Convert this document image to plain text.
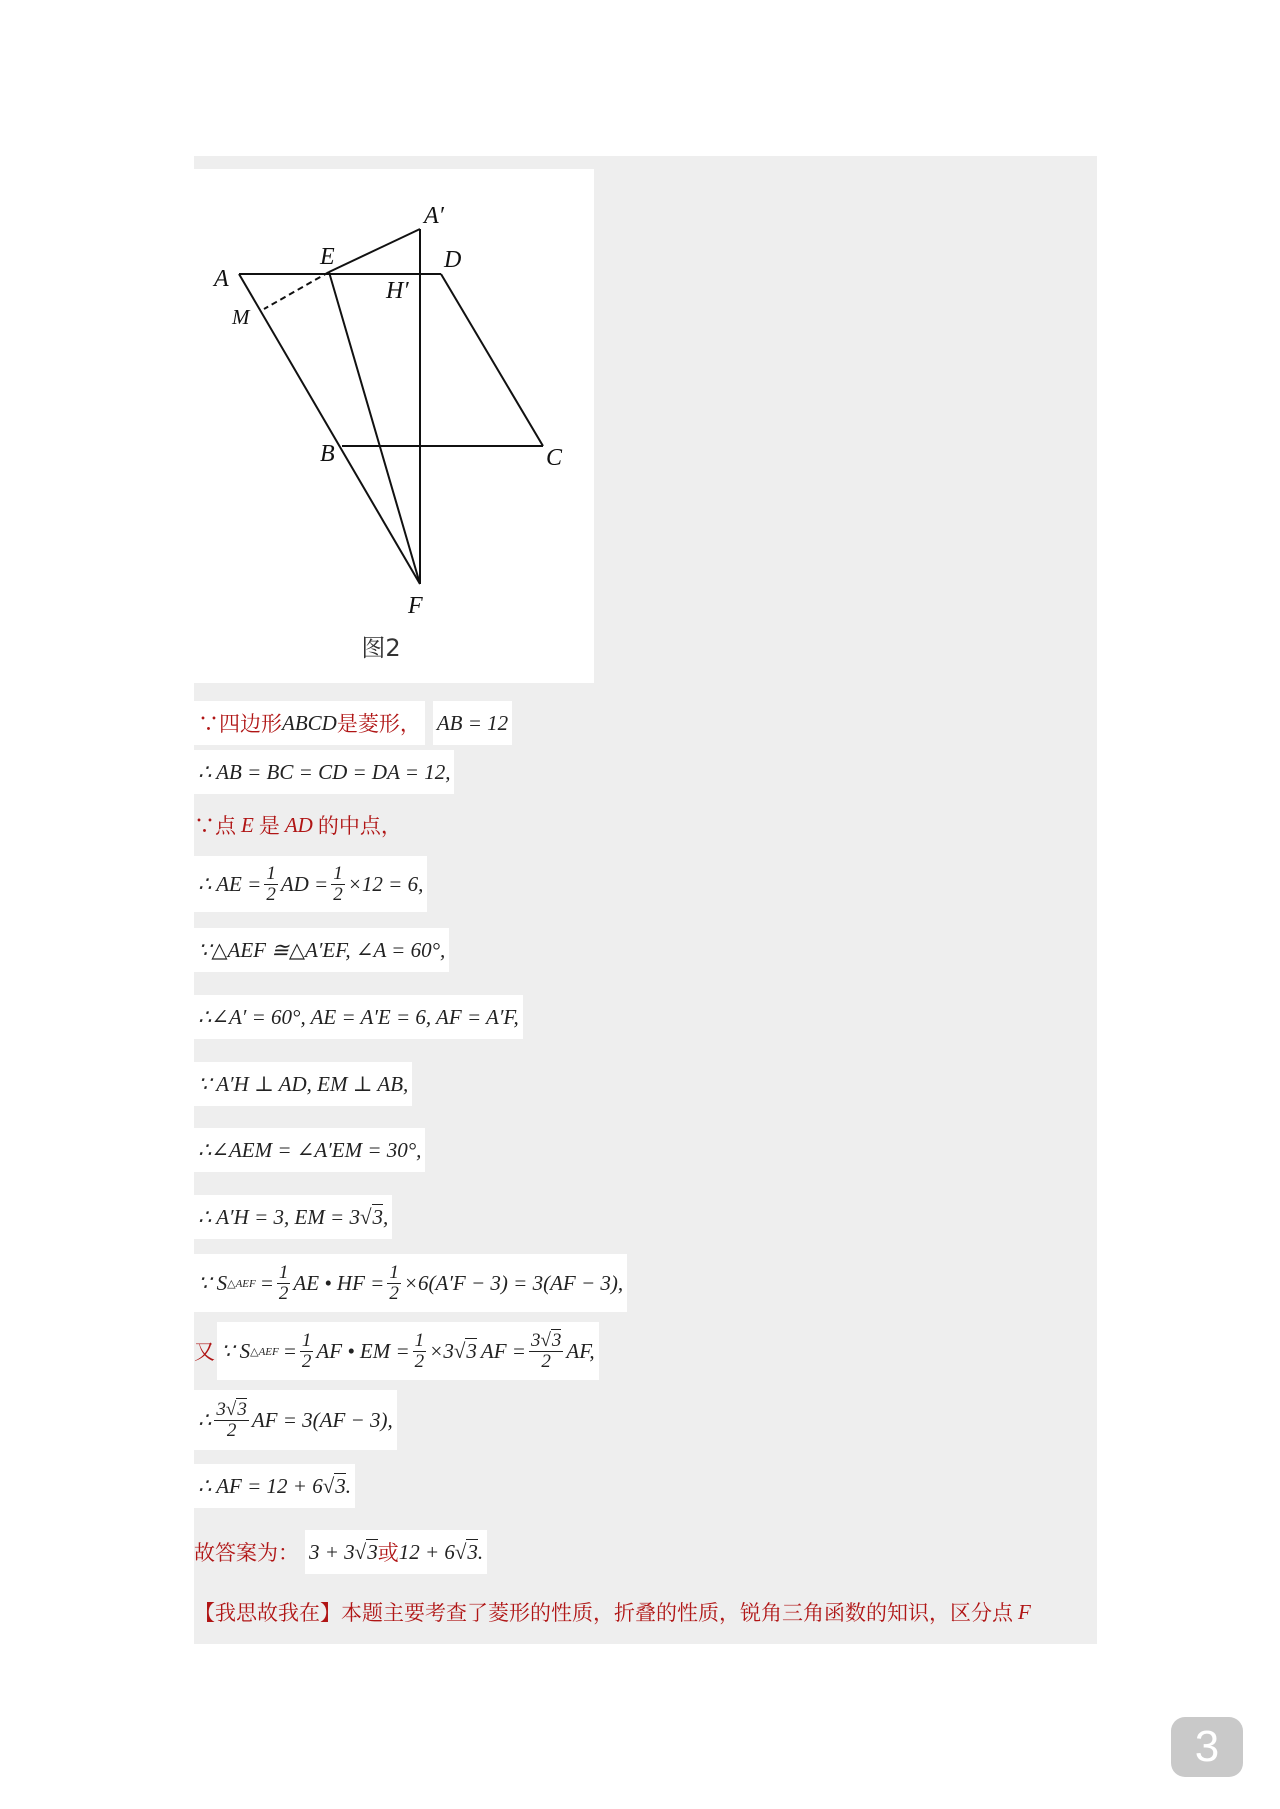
A
A′
E	D
H′
M
B	C
F
图2
∵四边形 ABCD 是菱形， AB = 12
∴ AB = BC = CD = DA = 12,
∵点 E 是 AD 的中点，
∴ AE = $\frac{1}{2}$ AD = $\frac{1}{2} \times 12 = 6$,
∵△AEF ≅△A′EF, ∠A = 60°,
∴∠A′ = 60°, AE = A′E = 6, AF = A′F,
∵ A′H ⊥ AD, EM ⊥ AB,
∴∠AEM = ∠A′EM = 30°,
∴ A′H = 3, EM = 3 √ 3 ,
∵ S △AEF = $\frac{1}{2}$ AE • HF = $\frac{1}{2} \times 6(A'F - 3) = 3(AF - 3)$,
又 ∵ S △AEF = $\frac{1}{2}$ AF • EM = $\frac{1}{2} \times 3$ √ 3 AF = $\frac{3√3}{2}$ AF,
∴ $\frac{3√3}{2}$ AF = 3(AF − 3),
∴ AF = 12 + 6 √ 3 .
故答案为： 3 + 3 √ 3 或 12 + 6 √ 3 .
【我思故我在】 本题主要考查了菱形的性质，折叠的性质，锐角三角函数的知识，区分点 F
3
